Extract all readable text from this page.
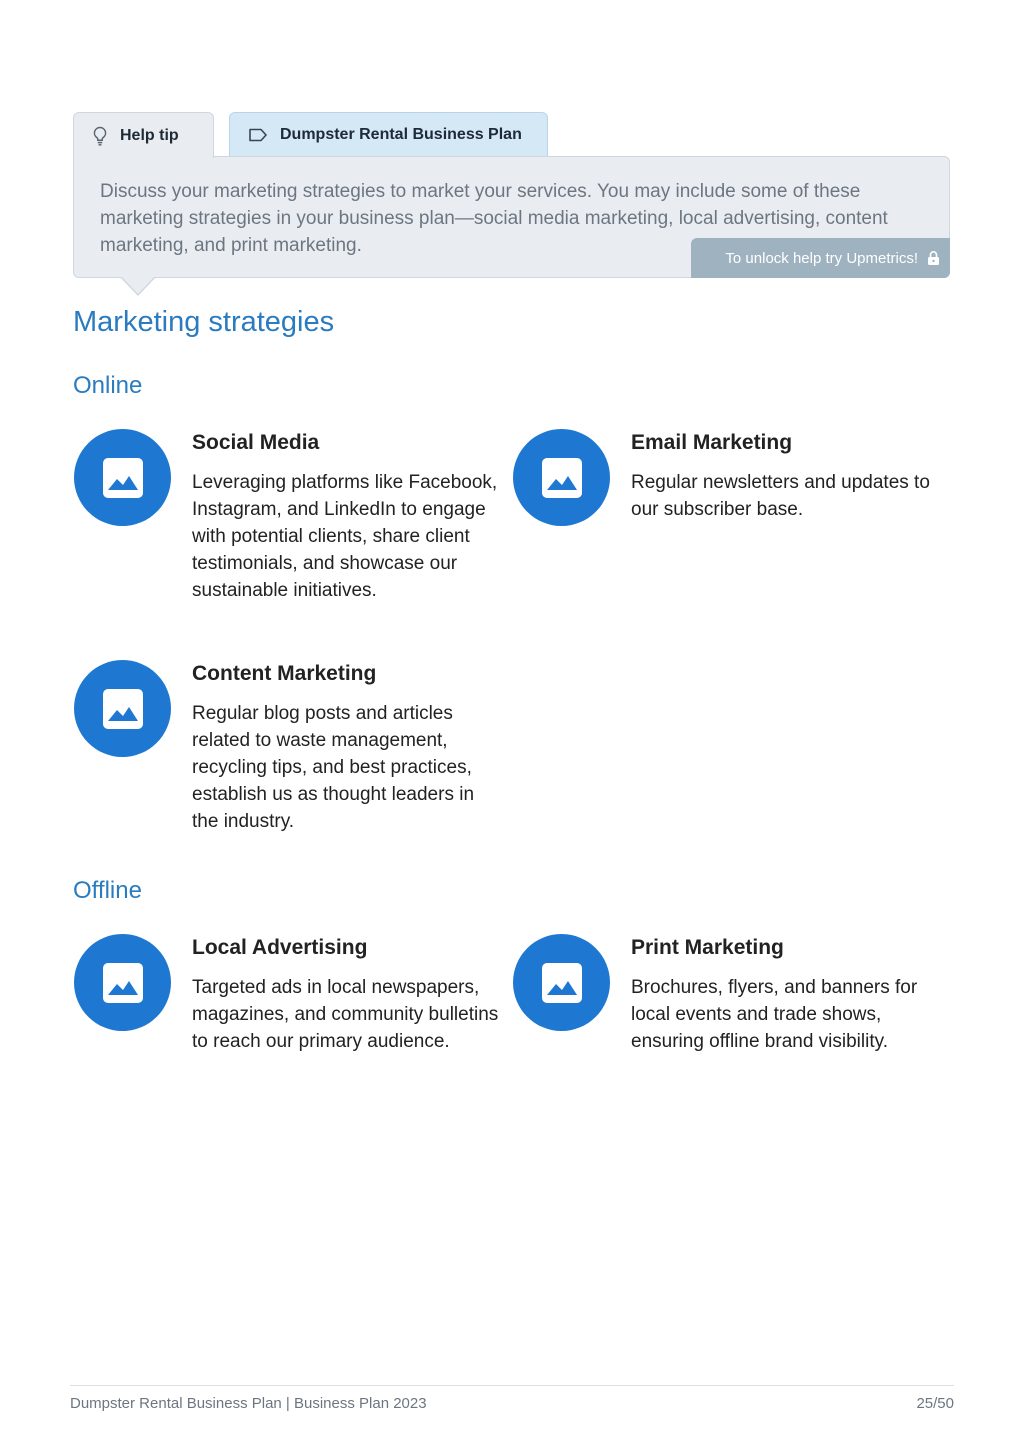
Help tip	Dumpster Rental Business Plan

Discuss your marketing strategies to market your services. You may include some of these marketing strategies in your business plan—social media marketing, local advertising, content marketing, and print marketing.

To unlock help try Upmetrics!
Marketing strategies
Online
Social Media
Leveraging platforms like Facebook, Instagram, and LinkedIn to engage with potential clients, share client testimonials, and showcase our sustainable initiatives.
Email Marketing
Regular newsletters and updates to our subscriber base.
Content Marketing
Regular blog posts and articles related to waste management, recycling tips, and best practices, establish us as thought leaders in the industry.
Offline
Local Advertising
Targeted ads in local newspapers, magazines, and community bulletins to reach our primary audience.
Print Marketing
Brochures, flyers, and banners for local events and trade shows, ensuring offline brand visibility.
Dumpster Rental Business Plan | Business Plan 2023	25/50
